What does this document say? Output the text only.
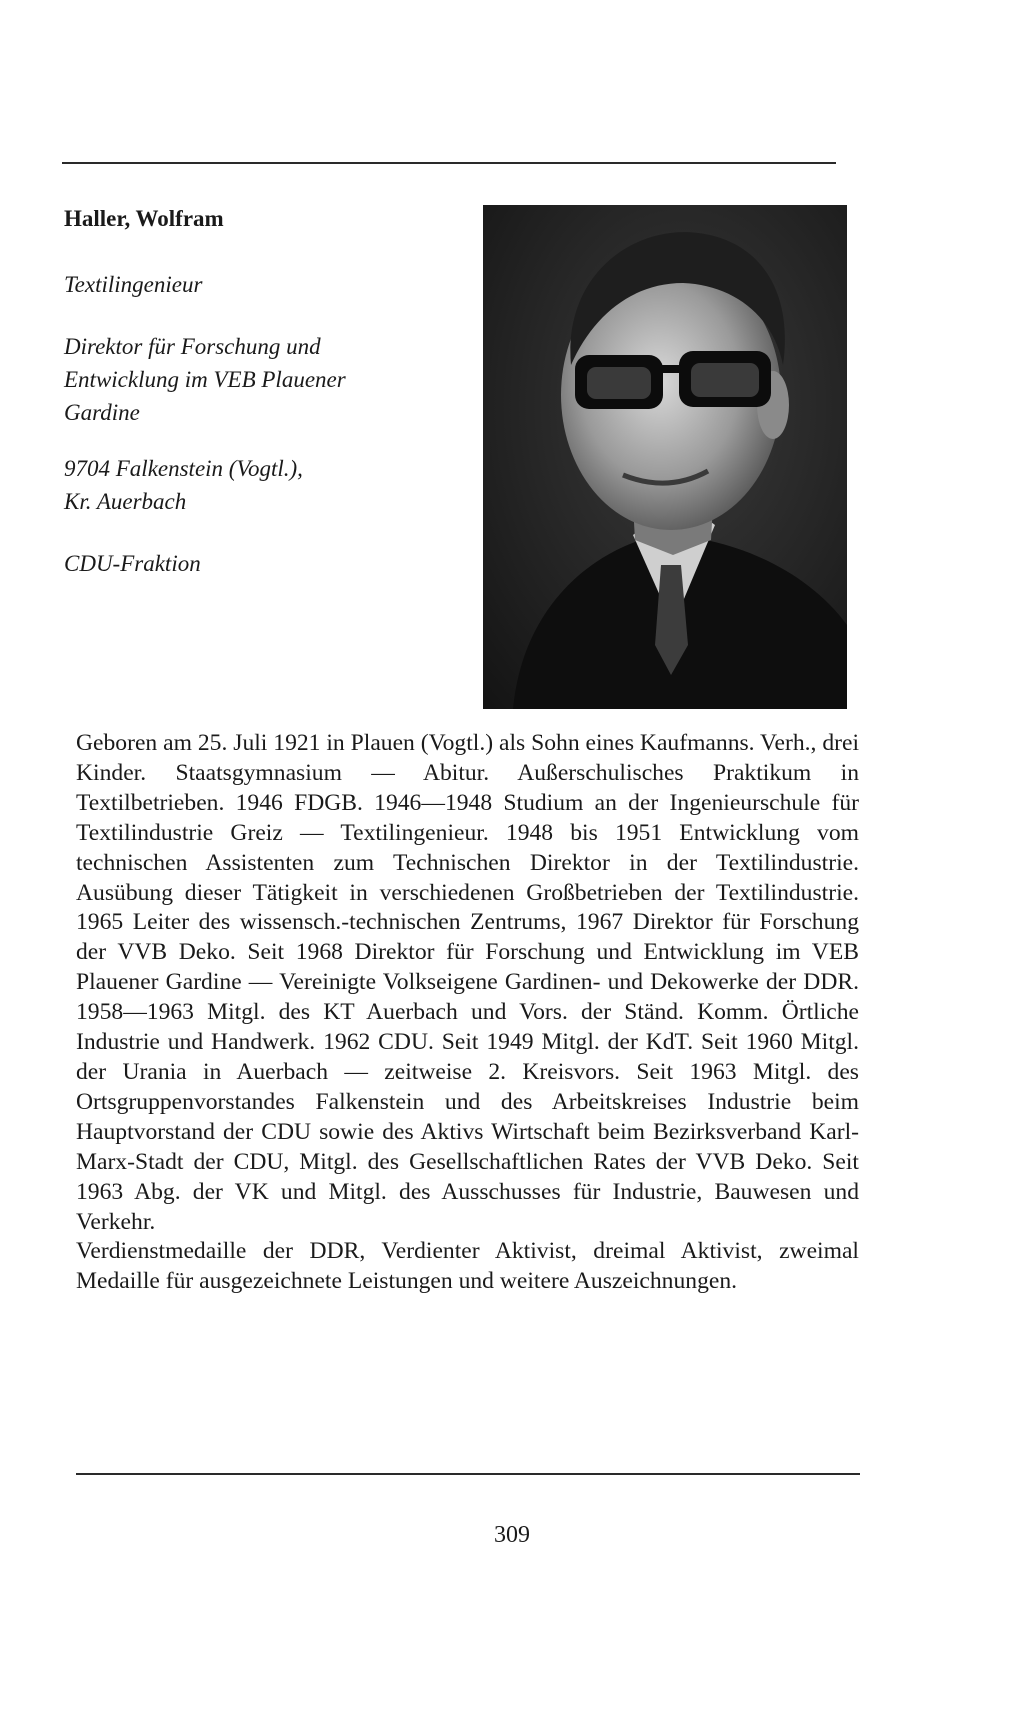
Haller, Wolfram

Textilingenieur

Direktor für Forschung und
Entwicklung im VEB Plauener
Gardine

9704 Falkenstein (Vogtl.),
Kr. Auerbach

CDU-Fraktion

Geboren am 25. Juli 1921 in Plauen (Vogtl.) als Sohn eines Kaufmanns. Verh., drei Kinder. Staatsgymnasium — Abitur. Außerschulisches Praktikum in Textilbetrieben. 1946 FDGB. 1946—1948 Studium an der Ingenieurschule für Textilindustrie Greiz — Textilingenieur. 1948 bis 1951 Entwicklung vom technischen Assistenten zum Technischen Direktor in der Textilindustrie. Ausübung dieser Tätigkeit in verschiedenen Großbetrieben der Textilindustrie. 1965 Leiter des wissensch.-technischen Zentrums, 1967 Direktor für Forschung der VVB Deko. Seit 1968 Direktor für Forschung und Entwicklung im VEB Plauener Gardine — Vereinigte Volkseigene Gardinen- und Dekowerke der DDR. 1958—1963 Mitgl. des KT Auerbach und Vors. der Ständ. Komm. Örtliche Industrie und Handwerk. 1962 CDU. Seit 1949 Mitgl. der KdT. Seit 1960 Mitgl. der Urania in Auerbach — zeitweise 2. Kreisvors. Seit 1963 Mitgl. des Ortsgruppenvorstandes Falkenstein und des Arbeitskreises Industrie beim Hauptvorstand der CDU sowie des Aktivs Wirtschaft beim Bezirksverband Karl-Marx-Stadt der CDU, Mitgl. des Gesellschaftlichen Rates der VVB Deko. Seit 1963 Abg. der VK und Mitgl. des Ausschusses für Industrie, Bauwesen und Verkehr.

Verdienstmedaille der DDR, Verdienter Aktivist, dreimal Aktivist, zweimal Medaille für ausgezeichnete Leistungen und weitere Auszeichnungen.

309
